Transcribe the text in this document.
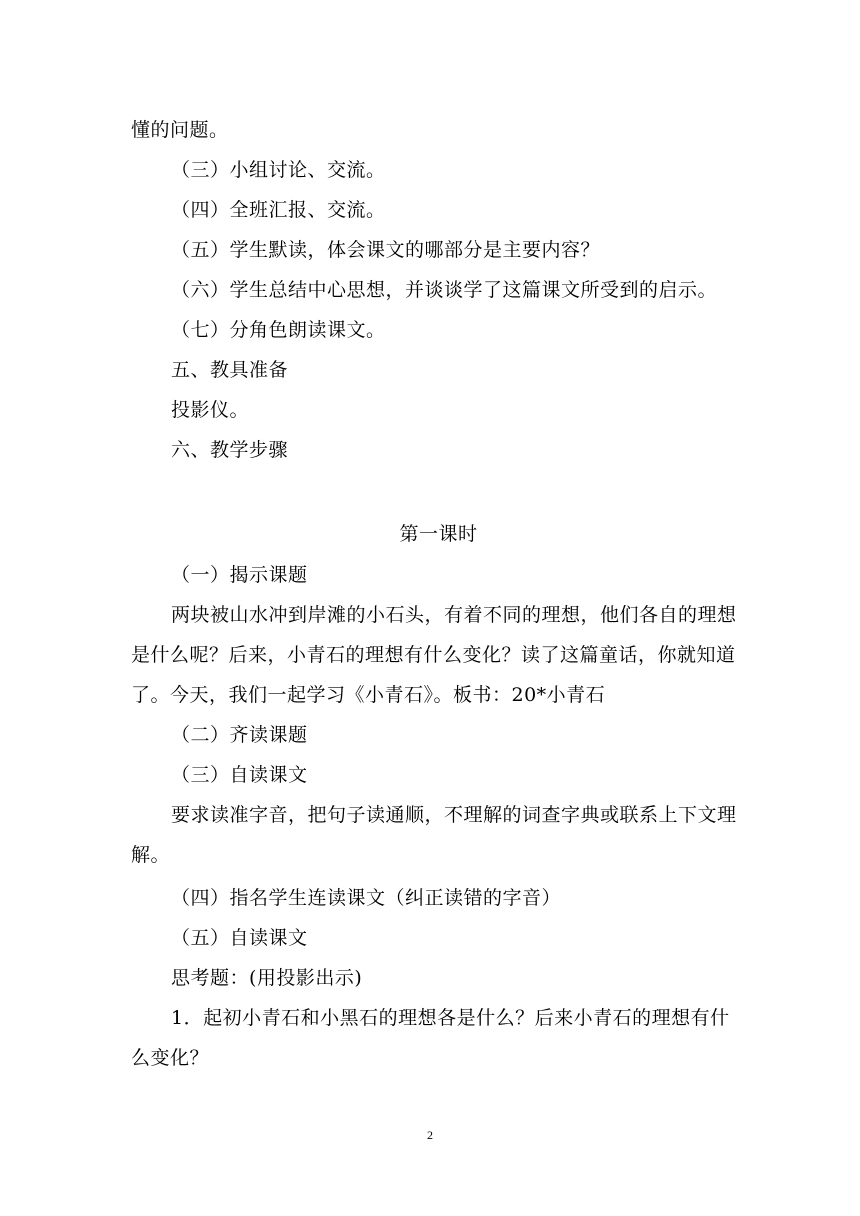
懂的问题。
（三）小组讨论、交流。
（四）全班汇报、交流。
（五）学生默读，体会课文的哪部分是主要内容？
（六）学生总结中心思想，并谈谈学了这篇课文所受到的启示。
（七）分角色朗读课文。
五、教具准备
投影仪。
六、教学步骤
第一课时
（一）揭示课题
两块被山水冲到岸滩的小石头，有着不同的理想，他们各自的理想是什么呢？后来，小青石的理想有什么变化？读了这篇童话，你就知道了。今天，我们一起学习《小青石》。板书：20*小青石
（二）齐读课题
（三）自读课文
要求读准字音，把句子读通顺，不理解的词查字典或联系上下文理解。
（四）指名学生连读课文（纠正读错的字音）
（五）自读课文
思考题：(用投影出示)
1．起初小青石和小黑石的理想各是什么？后来小青石的理想有什么变化？
2
